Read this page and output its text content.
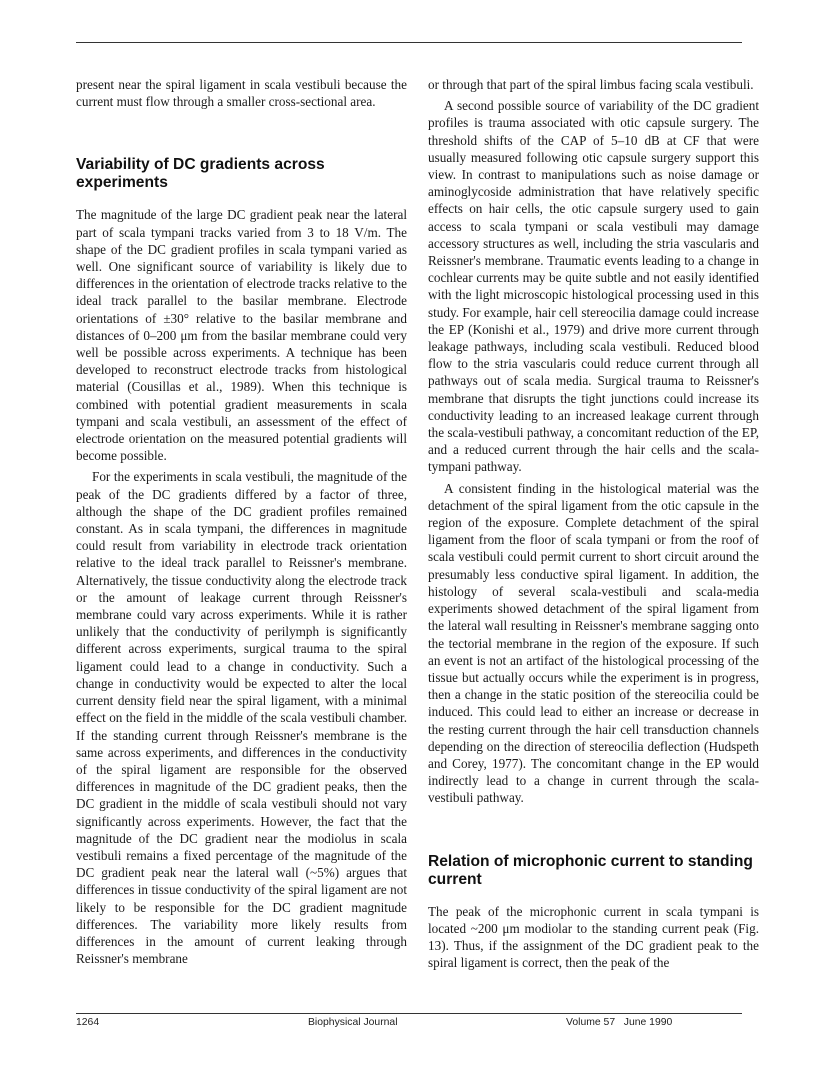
present near the spiral ligament in scala vestibuli because the current must flow through a smaller cross-sectional area.

Variability of DC gradients across experiments

The magnitude of the large DC gradient peak near the lateral part of scala tympani tracks varied from 3 to 18 V/m. The shape of the DC gradient profiles in scala tympani varied as well. One significant source of variability is likely due to differences in the orientation of electrode tracks relative to the ideal track parallel to the basilar membrane. Electrode orientations of ±30° relative to the basilar membrane and distances of 0–200 μm from the basilar membrane could very well be possible across experiments. A technique has been developed to reconstruct electrode tracks from histological material (Cousillas et al., 1989). When this technique is combined with potential gradient measurements in scala tympani and scala vestibuli, an assessment of the effect of electrode orientation on the measured potential gradients will become possible.

For the experiments in scala vestibuli, the magnitude of the peak of the DC gradients differed by a factor of three, although the shape of the DC gradient profiles remained constant. As in scala tympani, the differences in magnitude could result from variability in electrode track orientation relative to the ideal track parallel to Reissner's membrane. Alternatively, the tissue conductivity along the electrode track or the amount of leakage current through Reissner's membrane could vary across experiments. While it is rather unlikely that the conductivity of perilymph is significantly different across experiments, surgical trauma to the spiral ligament could lead to a change in conductivity. Such a change in conductivity would be expected to alter the local current density field near the spiral ligament, with a minimal effect on the field in the middle of the scala vestibuli chamber. If the standing current through Reissner's membrane is the same across experiments, and differences in the conductivity of the spiral ligament are responsible for the observed differences in magnitude of the DC gradient peaks, then the DC gradient in the middle of scala vestibuli should not vary significantly across experiments. However, the fact that the magnitude of the DC gradient near the modiolus in scala vestibuli remains a fixed percentage of the magnitude of the DC gradient peak near the lateral wall (~5%) argues that differences in tissue conductivity of the spiral ligament are not likely to be responsible for the DC gradient magnitude differences. The variability more likely results from differences in the amount of current leaking through Reissner's membrane

or through that part of the spiral limbus facing scala vestibuli.

A second possible source of variability of the DC gradient profiles is trauma associated with otic capsule surgery. The threshold shifts of the CAP of 5–10 dB at CF that were usually measured following otic capsule surgery support this view. In contrast to manipulations such as noise damage or aminoglycoside administration that have relatively specific effects on hair cells, the otic capsule surgery used to gain access to scala tympani or scala vestibuli may damage accessory structures as well, including the stria vascularis and Reissner's membrane. Traumatic events leading to a change in cochlear currents may be quite subtle and not easily identified with the light microscopic histological processing used in this study. For example, hair cell stereocilia damage could increase the EP (Konishi et al., 1979) and drive more current through leakage pathways, including scala vestibuli. Reduced blood flow to the stria vascularis could reduce current through all pathways out of scala media. Surgical trauma to Reissner's membrane that disrupts the tight junctions could increase its conductivity leading to an increased leakage current through the scala-vestibuli pathway, a concomitant reduction of the EP, and a reduced current through the hair cells and the scala-tympani pathway.

A consistent finding in the histological material was the detachment of the spiral ligament from the otic capsule in the region of the exposure. Complete detachment of the spiral ligament from the floor of scala tympani or from the roof of scala vestibuli could permit current to short circuit around the presumably less conductive spiral ligament. In addition, the histology of several scala-vestibuli and scala-media experiments showed detachment of the spiral ligament from the lateral wall resulting in Reissner's membrane sagging onto the tectorial membrane in the region of the exposure. If such an event is not an artifact of the histological processing of the tissue but actually occurs while the experiment is in progress, then a change in the static position of the stereocilia could be induced. This could lead to either an increase or decrease in the resting current through the hair cell transduction channels depending on the direction of stereocilia deflection (Hudspeth and Corey, 1977). The concomitant change in the EP would indirectly lead to a change in current through the scala-vestibuli pathway.

Relation of microphonic current to standing current

The peak of the microphonic current in scala tympani is located ~200 μm modiolar to the standing current peak (Fig. 13). Thus, if the assignment of the DC gradient peak to the spiral ligament is correct, then the peak of the

1264	Biophysical Journal	Volume 57   June 1990
